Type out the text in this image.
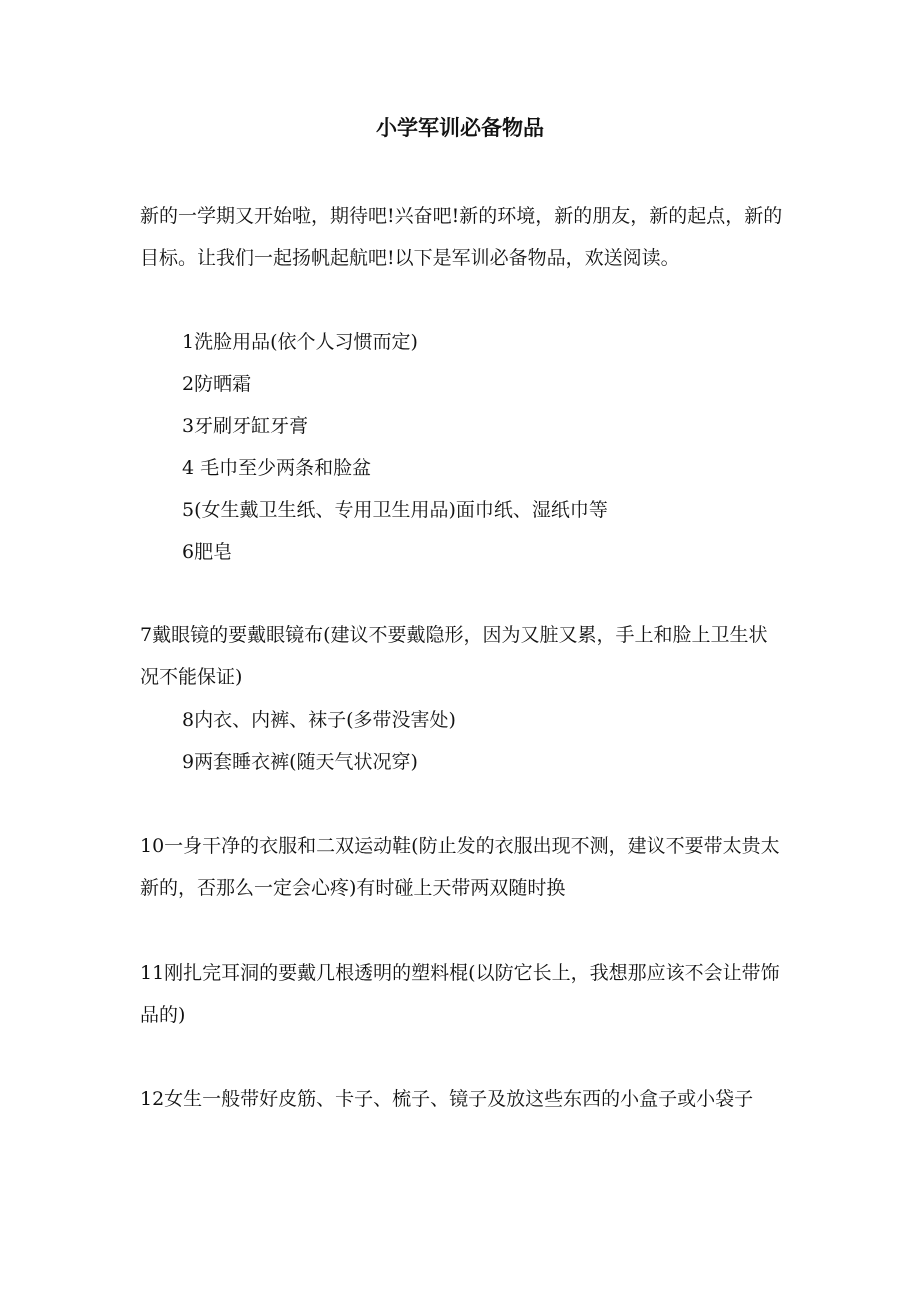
小学军训必备物品
新的一学期又开始啦，期待吧!兴奋吧!新的环境，新的朋友，新的起点，新的目标。让我们一起扬帆起航吧!以下是军训必备物品，欢送阅读。
1洗脸用品(依个人习惯而定)
2防晒霜
3牙刷牙缸牙膏
4 毛巾至少两条和脸盆
5(女生戴卫生纸、专用卫生用品)面巾纸、湿纸巾等
6肥皂
7戴眼镜的要戴眼镜布(建议不要戴隐形，因为又脏又累，手上和脸上卫生状况不能保证)
8内衣、内裤、袜子(多带没害处)
9两套睡衣裤(随天气状况穿)
10一身干净的衣服和二双运动鞋(防止发的衣服出现不测，建议不要带太贵太新的，否那么一定会心疼)有时碰上天带两双随时换
11刚扎完耳洞的要戴几根透明的塑料棍(以防它长上，我想那应该不会让带饰品的)
12女生一般带好皮筋、卡子、梳子、镜子及放这些东西的小盒子或小袋子
